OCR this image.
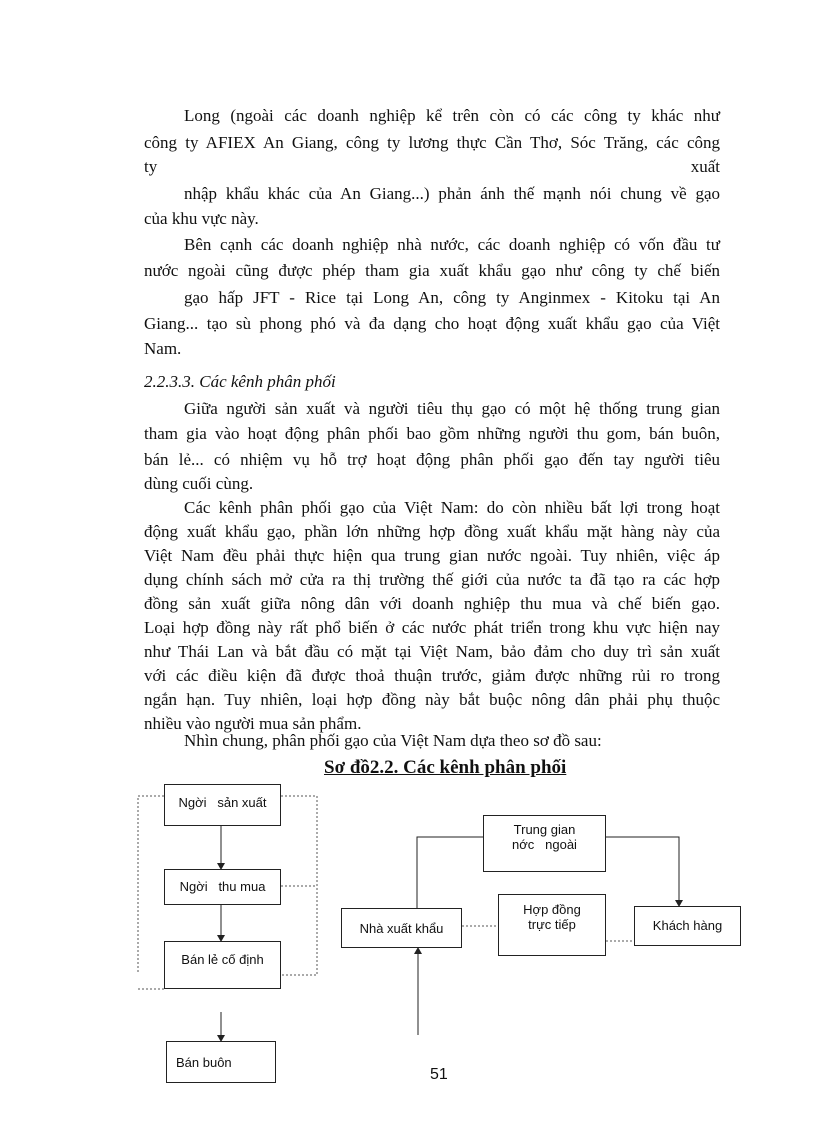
Long (ngoài các doanh nghiệp kể trên còn có các công ty khác như
công ty AFIEX An Giang, công ty lương thực Cần Thơ, Sóc Trăng, các công
ty	xuất
nhập khẩu khác của An Giang...) phản ánh thế mạnh nói chung về gạo
của khu vực này.
Bên cạnh các doanh nghiệp nhà nước, các doanh nghiệp có vốn đầu tư
nước ngoài cũng được phép tham gia xuất khẩu gạo như công ty chế biến
gạo hấp JFT - Rice tại Long An, công ty Anginmex - Kitoku tại An
Giang... tạo sù phong phó và đa dạng cho hoạt động xuất khẩu gạo của Việt
Nam.
2.2.3.3. Các kênh phân phối
Giữa người sản xuất và người tiêu thụ gạo có một hệ thống trung gian
tham gia vào hoạt động phân phối bao gồm những người thu gom, bán buôn,
bán lẻ... có nhiệm vụ hỗ trợ hoạt động phân phối gạo đến tay người tiêu
dùng cuối cùng.
Các kênh phân phối gạo của Việt Nam: do còn nhiều bất lợi trong hoạt
động xuất khẩu gạo, phần lớn những hợp đồng xuất khẩu mặt hàng này của
Việt Nam đều phải thực hiện qua trung gian nước ngoài. Tuy nhiên, việc áp
dụng chính sách mở cửa ra thị trường thế giới của nước ta đã tạo ra các hợp
đồng sản xuất giữa nông dân với doanh nghiệp thu mua và chế biến gạo.
Loại hợp đồng này rất phổ biến ở các nước phát triển trong khu vực hiện nay
như Thái Lan và bắt đầu có mặt tại Việt Nam, bảo đảm cho duy trì sản xuất
với các điều kiện đã được thoả thuận trước, giảm được những rủi ro trong
ngắn hạn. Tuy nhiên, loại hợp đồng này bắt buộc nông dân phải phụ thuộc
nhiều vào người mua sản phẩm.
Nhìn chung, phân phối gạo của Việt Nam dựa theo sơ đồ sau:
Sơ đồ2.2. Các kênh phân phối
Ngời   sản xuất
Ngời   thu mua
Bán lẻ cố định
Bán buôn
Trung gian
nớc   ngoài
Nhà xuất khẩu
Hợp đồng
trực tiếp	Khách hàng
51
